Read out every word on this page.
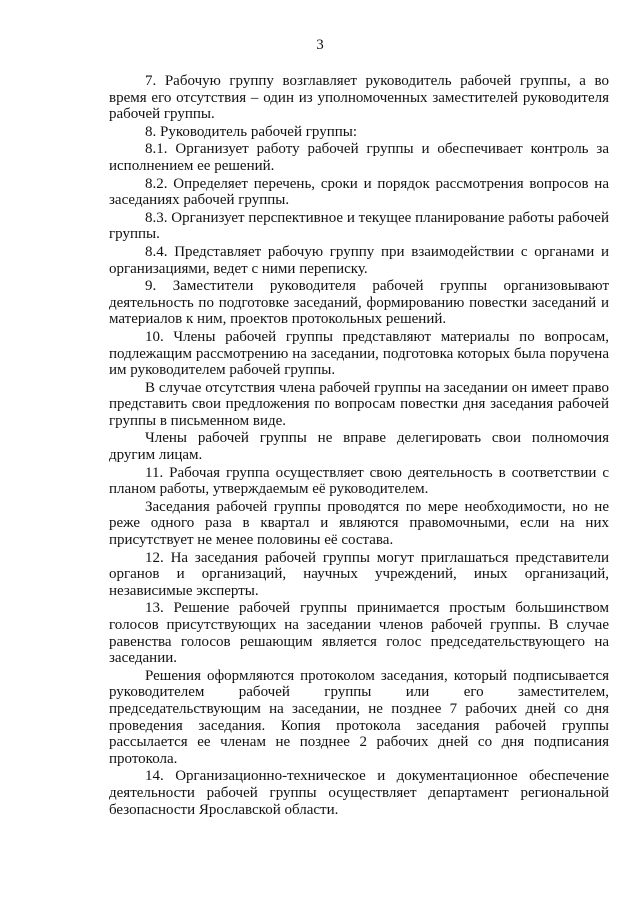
3

7. Рабочую группу возглавляет руководитель рабочей группы, а во время его отсутствия – один из уполномоченных заместителей руководителя рабочей группы.

8. Руководитель рабочей группы:

8.1. Организует работу рабочей группы и обеспечивает контроль за исполнением ее решений.

8.2. Определяет перечень, сроки и порядок рассмотрения вопросов на заседаниях рабочей группы.

8.3. Организует перспективное и текущее планирование работы рабочей группы.

8.4. Представляет рабочую группу при взаимодействии с органами и организациями, ведет с ними переписку.

9. Заместители руководителя рабочей группы организовывают деятельность по подготовке заседаний, формированию повестки заседаний и материалов к ним, проектов протокольных решений.

10. Члены рабочей группы представляют материалы по вопросам, подлежащим рассмотрению на заседании, подготовка которых была поручена им руководителем рабочей группы.

В случае отсутствия члена рабочей группы на заседании он имеет право представить свои предложения по вопросам повестки дня заседания рабочей группы в письменном виде.

Члены рабочей группы не вправе делегировать свои полномочия другим лицам.

11. Рабочая группа осуществляет свою деятельность в соответствии с планом работы, утверждаемым её руководителем.

Заседания рабочей группы проводятся по мере необходимости, но не реже одного раза в квартал и являются правомочными, если на них присутствует не менее половины её состава.

12. На заседания рабочей группы могут приглашаться представители органов и организаций, научных учреждений, иных организаций, независимые эксперты.

13. Решение рабочей группы принимается простым большинством голосов присутствующих на заседании членов рабочей группы. В случае равенства голосов решающим является голос председательствующего на заседании.

Решения оформляются протоколом заседания, который подписывается руководителем рабочей группы или его заместителем, председательствующим на заседании, не позднее 7 рабочих дней со дня проведения заседания. Копия протокола заседания рабочей группы рассылается ее членам не позднее 2 рабочих дней со дня подписания протокола.

14. Организационно-техническое и документационное обеспечение деятельности рабочей группы осуществляет департамент региональной безопасности Ярославской области.
